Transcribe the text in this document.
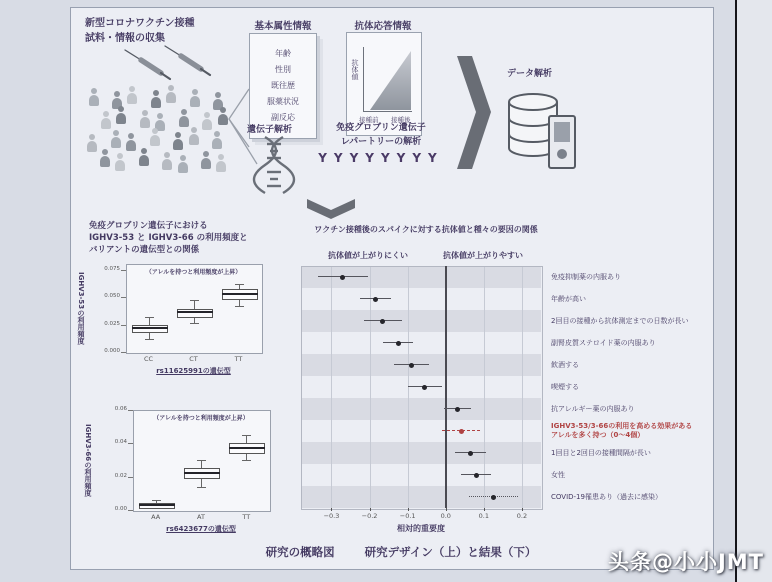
新型コロナワクチン接種
試料・情報の収集
基本属性情報
年齢
性別
既往歴
服薬状況
副反応
抗体応答情報
抗体値
接種前 接種後
遺伝子解析	免疫グロブリン遺伝子
レパートリーの解析
YYYYYYYY
データ解析
免疫グロブリン遺伝子における
IGHV3-53 と IGHV3-66 の利用頻度と
バリアントの遺伝型との関係
ワクチン接種後のスパイクに対する抗体値と種々の要因の関係
（アレルを持つと利用頻度が上昇）
0.075
0.050
0.025
0.000
IGHV3-53の利用頻度
CC	CT	TT
rs11625991の遺伝型
（アレルを持つと利用頻度が上昇）
0.06
0.04
0.02
0.00
IGHV3-66の利用頻度
AA	AT	TT
rs6423677の遺伝型
抗体値が上がりにくい	抗体値が上がりやすい
免疫抑制薬の内服あり
年齢が高い
2回目の接種から抗体測定までの日数が長い
副腎皮質ステロイド薬の内服あり
飲酒する
喫煙する
抗アレルギー薬の内服あり
IGHV3-53/3-66の利用を高める効果があるアレルを多く持つ（0〜4個）
1回目と2回目の接種間隔が長い
女性
COVID-19罹患あり（過去に感染）
−0.3	−0.2	−0.1	0.0	0.1	0.2
相対的重要度
研究の概略図	研究デザイン（上）と結果（下）	头条@小小JMT
